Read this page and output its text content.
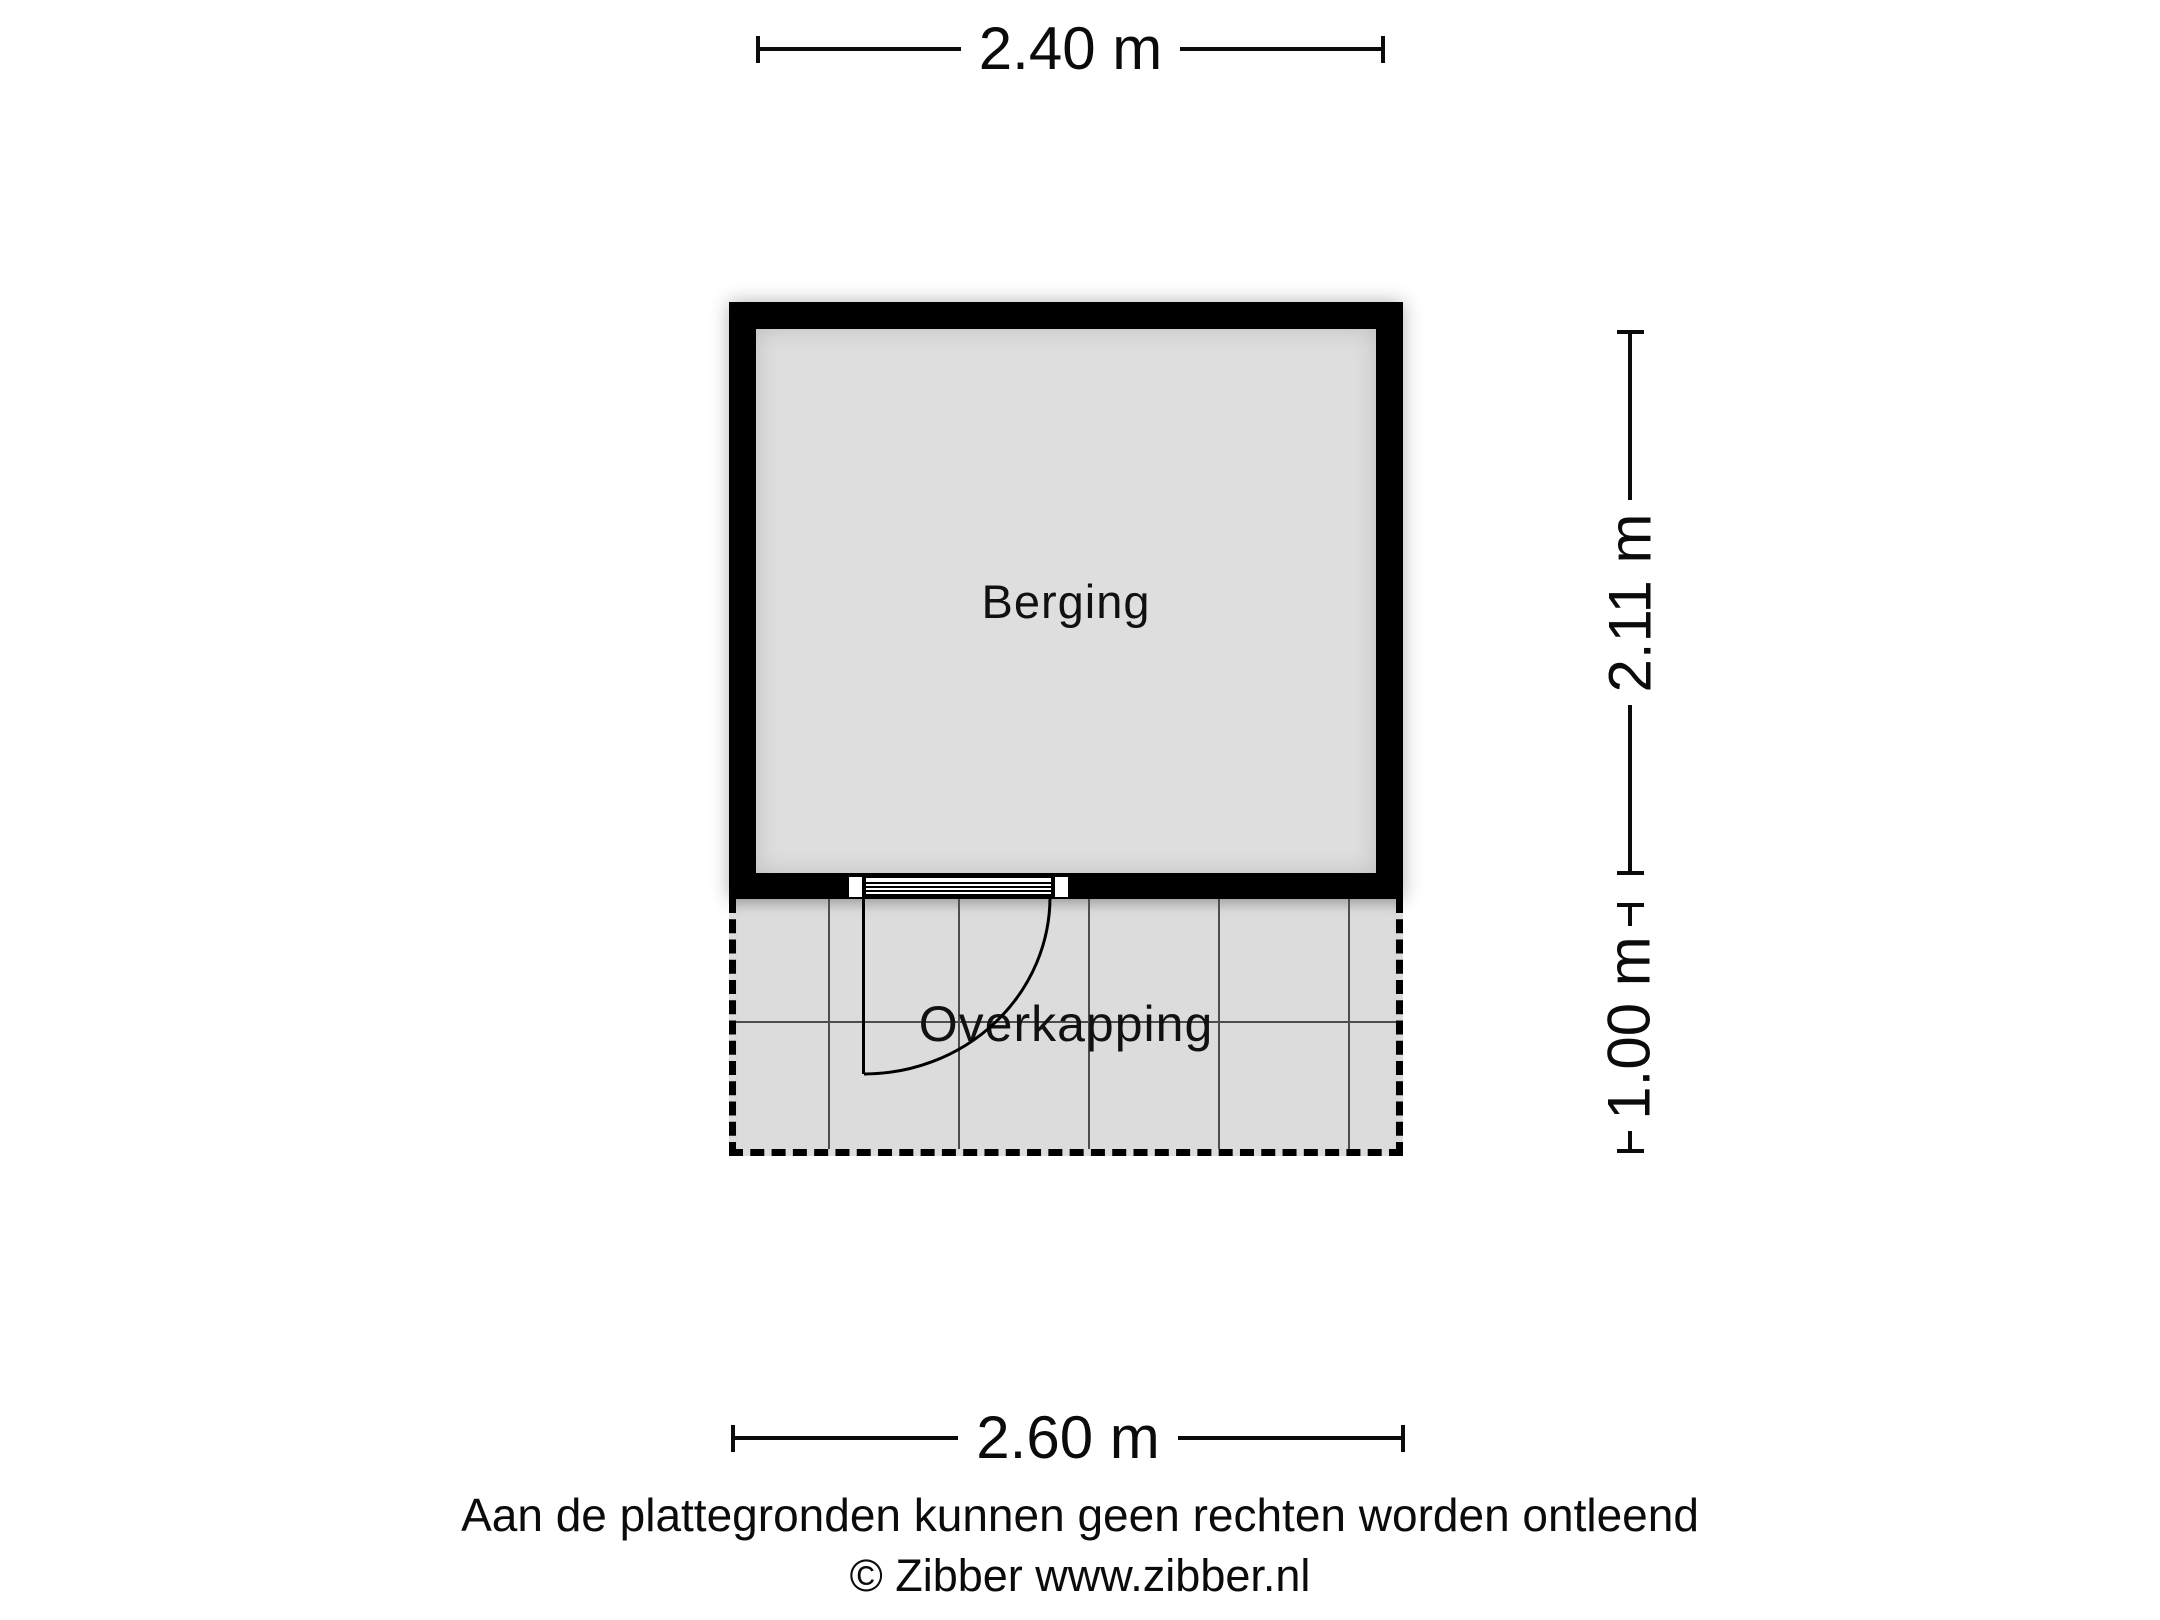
2.40 m
Berging
Overkapping
2.11 m
1.00 m
2.60 m
Aan de plattegronden kunnen geen rechten worden ontleend
© Zibber www.zibber.nl
